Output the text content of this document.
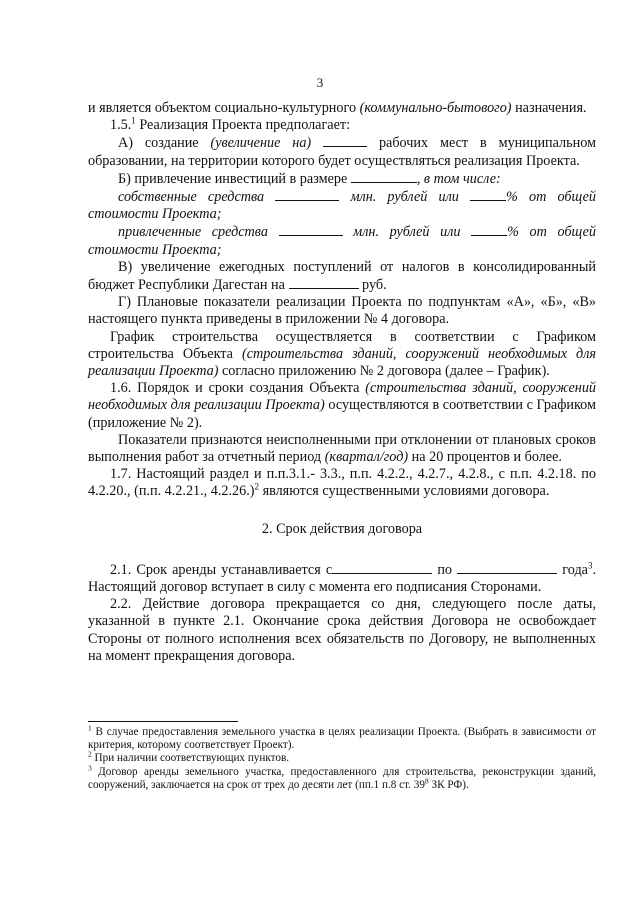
3

и является объектом социально-культурного (коммунально-бытового) назначения.

1.5.$^1$ Реализация Проекта предполагает:

А) создание (увеличение на)	рабочих мест в муниципальном образовании, на территории которого будет осуществляться реализация Проекта.

Б) привлечение инвестиций в размере	, в том числе:

собственные средства	млн. рублей или	% от общей стоимости Проекта;

привлеченные средства	млн. рублей или	% от общей стоимости Проекта;

В) увеличение ежегодных поступлений от налогов в консолидированный бюджет Республики Дагестан на	руб.

Г) Плановые показатели реализации Проекта по подпунктам «А», «Б», «В» настоящего пункта приведены в приложении № 4 договора.

График строительства осуществляется в соответствии с Графиком строительства Объекта (строительства зданий, сооружений необходимых для реализации Проекта) согласно приложению № 2 договора (далее – График).

1.6. Порядок и сроки создания Объекта (строительства зданий, сооружений необходимых для реализации Проекта) осуществляются в соответствии с Графиком (приложение № 2).

Показатели признаются неисполненными при отклонении от плановых сроков выполнения работ за отчетный период (квартал/год) на 20 процентов и более.

1.7. Настоящий раздел и п.п.3.1.- 3.3., п.п. 4.2.2., 4.2.7., 4.2.8., с п.п. 4.2.18. по 4.2.20., (п.п. 4.2.21., 4.2.26.)$^2$ являются существенными условиями договора.

2. Срок действия договора

2.1. Срок аренды устанавливается с	по	года$^3$. Настоящий договор вступает в силу с момента его подписания Сторонами.

2.2. Действие договора прекращается со дня, следующего после даты, указанной в пункте 2.1. Окончание срока действия Договора не освобождает Стороны от полного исполнения всех обязательств по Договору, не выполненных на момент прекращения договора.

$^1$ В случае предоставления земельного участка в целях реализации Проекта. (Выбрать в зависимости от критерия, которому соответствует Проект).

$^2$ При наличии соответствующих пунктов.

$^3$ Договор аренды земельного участка, предоставленного для строительства, реконструкции зданий, сооружений, заключается на срок от трех до десяти лет (пп.1 п.8 ст. $39^8$ ЗК РФ).
